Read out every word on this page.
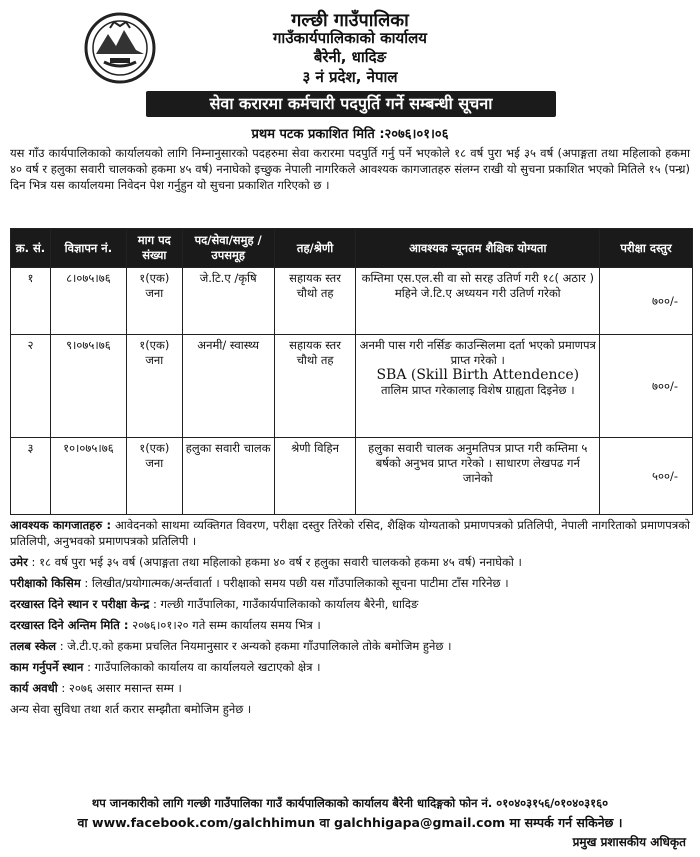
गल्छी गाउँपालिका
गाउँकार्यपालिकाको कार्यालय
बैरेनी, धादिङ
३ नं प्रदेश, नेपाल
सेवा करारमा कर्मचारी पदपुर्ति गर्ने सम्बन्धी सूचना
प्रथम पटक प्रकाशित मिति :२०७६।०१।०६
यस गाँउ कार्यपालिकाको कार्यालयको लागि निम्नानुसारको पदहरुमा सेवा करारमा पदपुर्ति गर्नु पर्ने भएकोले १८ वर्ष पुरा भई ३५ वर्ष (अपाङ्गता तथा महिलाको हकमा ४० वर्ष र हलुका सवारी चालकको हकमा ४५ वर्ष) ननाघेको इच्छुक नेपाली नागरिकले आवश्यक कागजातहरु संलग्न राखी यो सुचना प्रकाशित भएको मितिले १५ (पन्ध्र) दिन भित्र यस कार्यालयमा निवेदन पेश गर्नुहुन यो सुचना प्रकाशित गरिएको छ ।
क्र. सं.	विज्ञापन नं.	माग पद संख्या	पद/सेवा/समुह /उपसमूह	तह/श्रेणी	आवश्यक न्यूनतम शैक्षिक योग्यता	परीक्षा दस्तुर
१	८।०७५।७६	१(एक) जना	जे.टि.ए /कृषि	सहायक स्तर चौथो तह	कम्तिमा एस.एल.सी वा सो सरह उतिर्ण गरी १८( अठार ) महिने जे.टि.ए अध्ययन गरी उतिर्ण गरेको	७००/-
२	९।०७५।७६	१(एक) जना	अनमी/ स्वास्थ्य	सहायक स्तर चौथो तह	अनमी पास गरी नर्सिङ काउन्सिलमा दर्ता भएको प्रमाणपत्र प्राप्त गरेको ।
SBA (Skill Birth Attendence)
तालिम प्राप्त गरेकालाइ विशेष ग्राह्यता दिइनेछ ।	७००/-
३	१०।०७५।७६	१(एक) जना	हलुका सवारी चालक	श्रेणी विहिन	हलुका सवारी चालक अनुमतिपत्र प्राप्त गरी कम्तिमा ५ बर्षको अनुभव प्राप्त गरेको । साधारण लेखपढ गर्न जानेको	५००/-
आवश्यक कागजातहरु : आवेदनको साथमा व्यक्तिगत विवरण, परीक्षा दस्तुर तिरेको रसिद, शैक्षिक योग्यताको प्रमाणपत्रको प्रतिलिपी, नेपाली नागरिताको प्रमाणपत्रको प्रतिलिपी, अनुभवको प्रमाणपत्रको प्रतिलिपी ।
उमेर : १८ वर्ष पुरा भई ३५ वर्ष (अपाङ्गता तथा महिलाको हकमा ४० वर्ष र हलुका सवारी चालकको हकमा ४५ वर्ष) ननाघेको ।
परीक्षाको किसिम : लिखीत/प्रयोगात्मक/अर्न्तवार्ता । परीक्षाको समय पछी यस गाँउपालिकाको सूचना पाटीमा टाँस गरिनेछ ।
दरखास्त दिने स्थान र परीक्षा केन्द्र : गल्छी गाउँपालिका, गाउँकार्यपालिकाको कार्यालय बैरेनी, धादिङ
दरखास्त दिने अन्तिम मिति : २०७६।०१।२० गते सम्म कार्यालय समय भित्र ।
तलब स्केल : जे.टी.ए.को हकमा प्रचलित नियमानुसार र अन्यको हकमा गाँउपालिकाले तोके बमोजिम हुनेछ ।
काम गर्नुपर्ने स्थान : गाउँपालिकाको कार्यालय वा कार्यालयले खटाएको क्षेत्र ।
कार्य अवधी : २०७६ असार मसान्त सम्म ।
अन्य सेवा सुविधा तथा शर्त करार सम्झौता बमोजिम हुनेछ ।
थप जानकारीको लागि गल्छी गाउँपालिका गाउँ कार्यपालिकाको कार्यालय बैरेनी धादिङ्गको फोन नं. ०१०४०३१५६/०१०४०३१६०
वा www.facebook.com/galchhimun वा galchhigapa@gmail.com मा सम्पर्क गर्न सकिनेछ ।
प्रमुख प्रशासकीय अधिकृत
